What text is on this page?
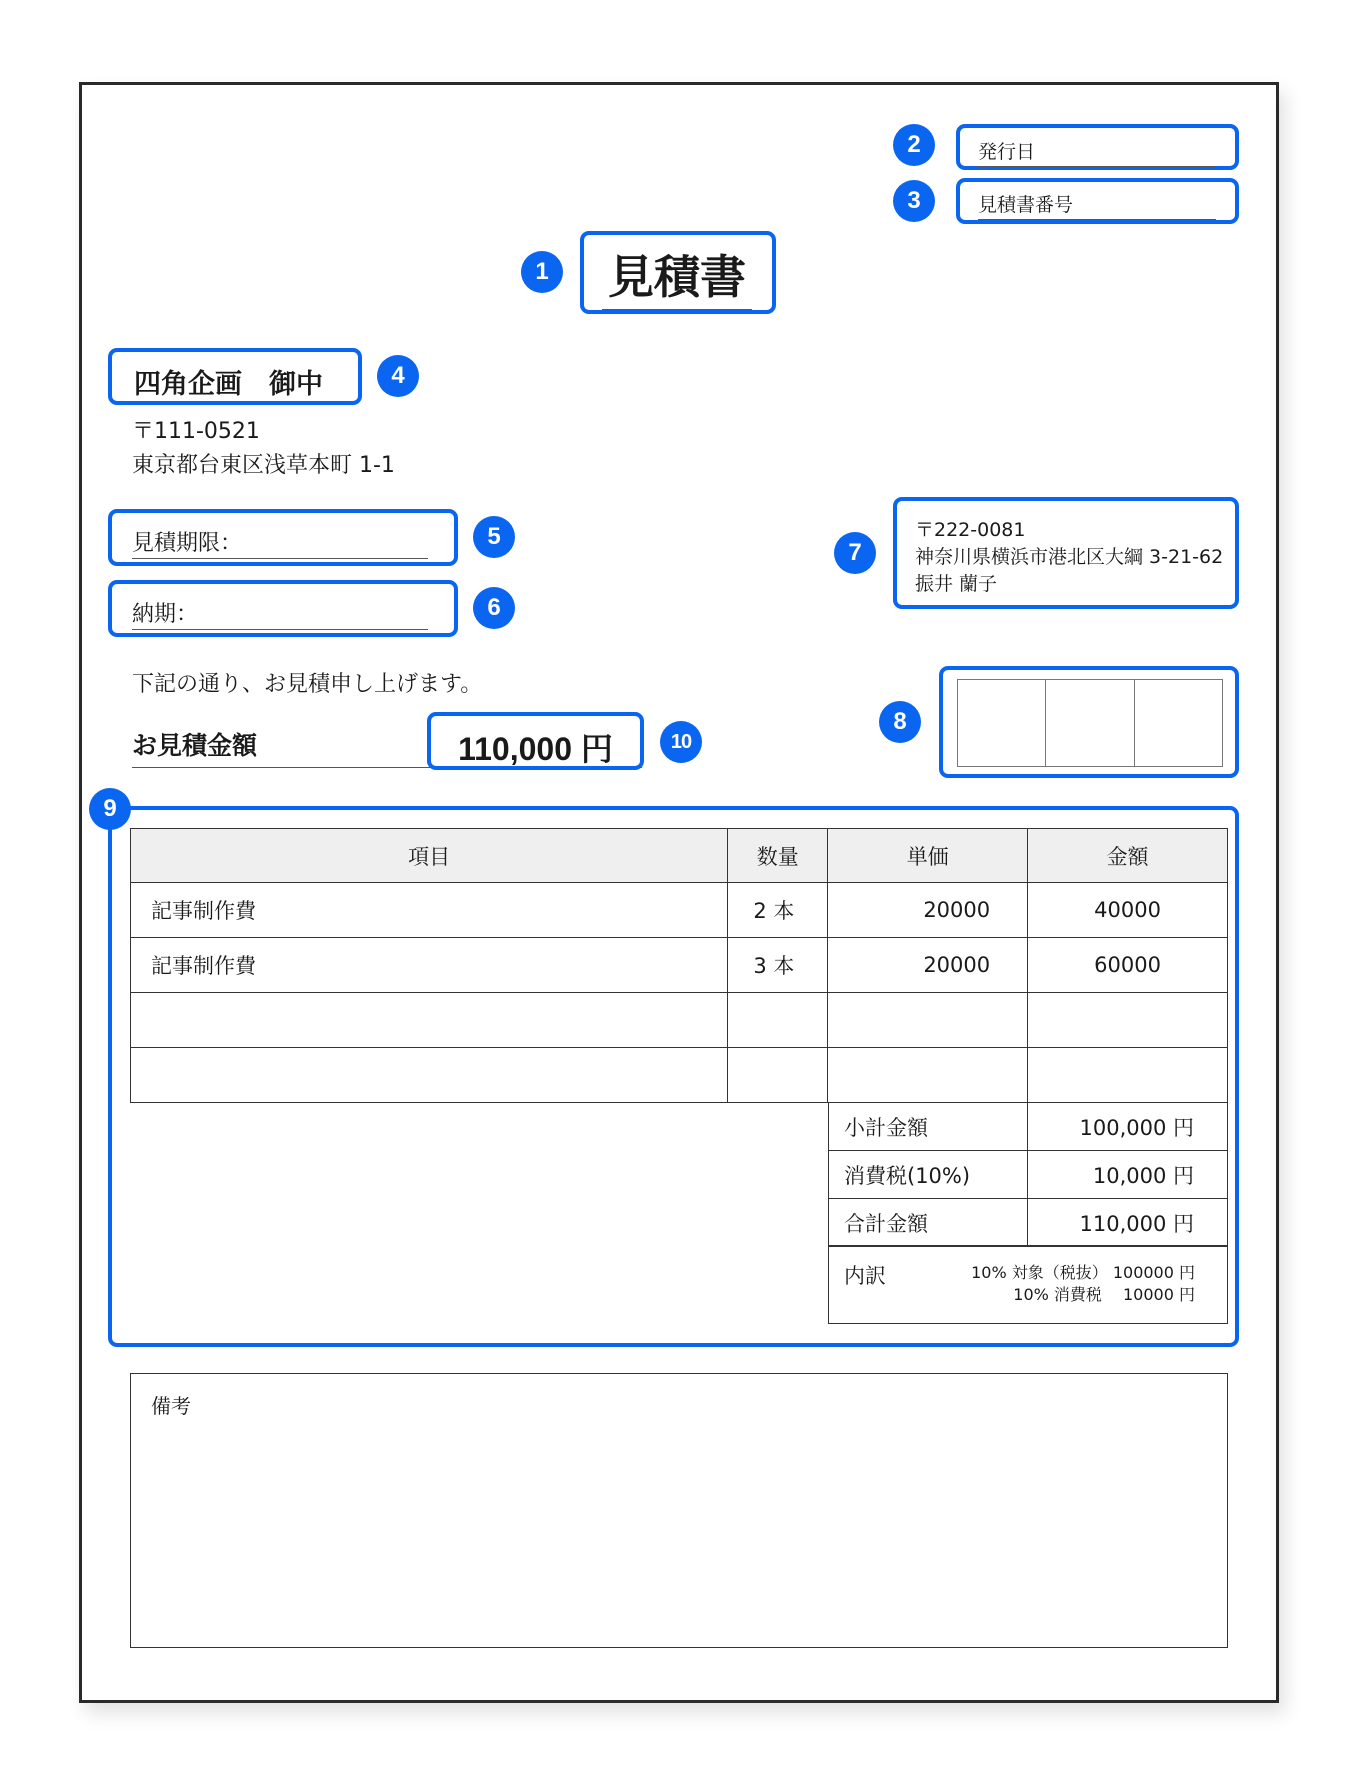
発行日
2
見積書番号
3
見積書
1
四角企画　御中	4
〒111-0521
東京都台東区浅草本町 1-1
見積期限：	5
納期：	6
〒222-0081
神奈川県横浜市港北区大綱 3-21-62
振井 蘭子
7
8
下記の通り、お見積申し上げます。
お見積金額	110,000 円	10
9
項目	数量	単価	金額
記事制作費	2 本	20000	40000
記事制作費	3 本	20000	60000

小計金額	100,000 円
消費税(10%)	10,000 円
合計金額	110,000 円
内訳	10% 対象（税抜） 100000 円
10% 消費税　 10000 円
備考
